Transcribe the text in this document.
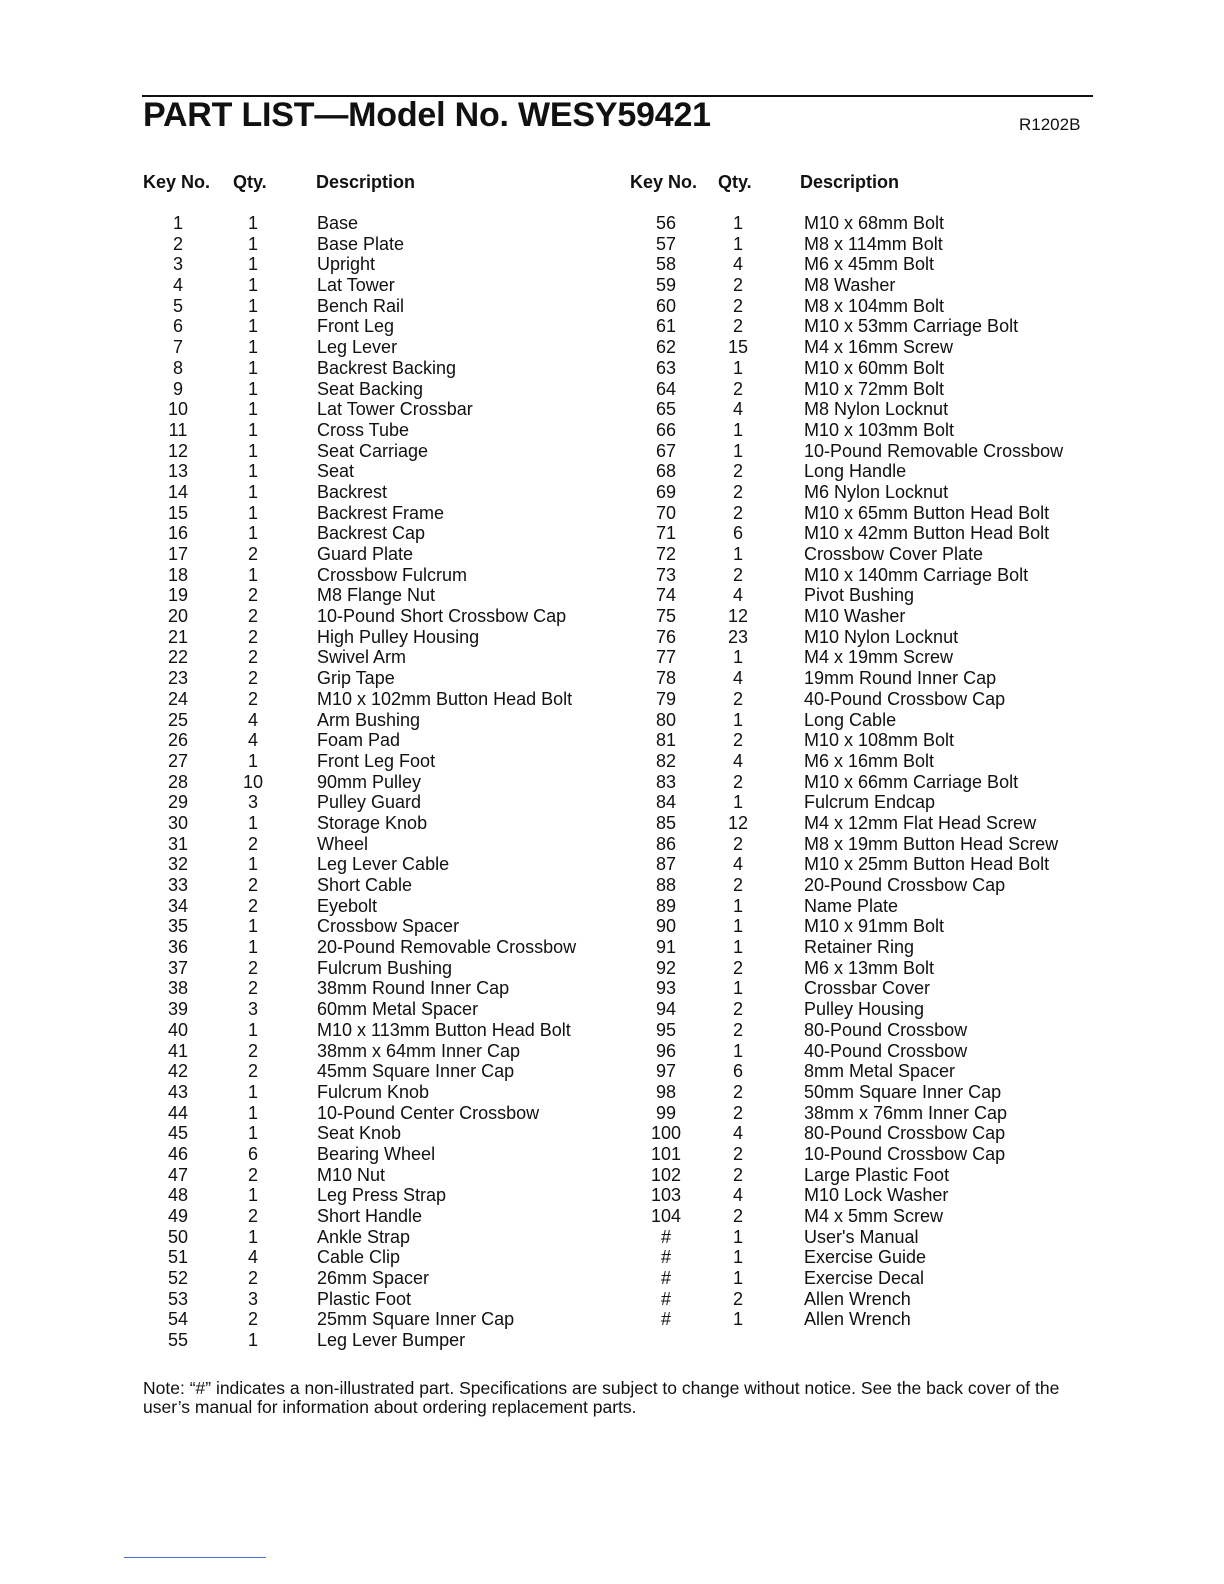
PART LIST—Model No. WESY59421	R1202B
Key No. Qty.	Description	Key No. Qty.	Description
1	1	Base
2	1	Base Plate
3	1	Upright
4	1	Lat Tower
5	1	Bench Rail
6	1	Front Leg
7	1	Leg Lever
8	1	Backrest Backing
9	1	Seat Backing
10	1	Lat Tower Crossbar
11	1	Cross Tube
12	1	Seat Carriage
13	1	Seat
14	1	Backrest
15	1	Backrest Frame
16	1	Backrest Cap
17	2	Guard Plate
18	1	Crossbow Fulcrum
19	2	M8 Flange Nut
20	2	10-Pound Short Crossbow Cap
21	2	High Pulley Housing
22	2	Swivel Arm
23	2	Grip Tape
24	2	M10 x 102mm Button Head Bolt
25	4	Arm Bushing
26	4	Foam Pad
27	1	Front Leg Foot
28	10	90mm Pulley
29	3	Pulley Guard
30	1	Storage Knob
31	2	Wheel
32	1	Leg Lever Cable
33	2	Short Cable
34	2	Eyebolt
35	1	Crossbow Spacer
36	1	20-Pound Removable Crossbow
37	2	Fulcrum Bushing
38	2	38mm Round Inner Cap
39	3	60mm Metal Spacer
40	1	M10 x 113mm Button Head Bolt
41	2	38mm x 64mm Inner Cap
42	2	45mm Square Inner Cap
43	1	Fulcrum Knob
44	1	10-Pound Center Crossbow
45	1	Seat Knob
46	6	Bearing Wheel
47	2	M10 Nut
48	1	Leg Press Strap
49	2	Short Handle
50	1	Ankle Strap
51	4	Cable Clip
52	2	26mm Spacer
53	3	Plastic Foot
54	2	25mm Square Inner Cap
55	1	Leg Lever Bumper
56	1	M10 x 68mm Bolt
57	1	M8 x 114mm Bolt
58	4	M6 x 45mm Bolt
59	2	M8 Washer
60	2	M8 x 104mm Bolt
61	2	M10 x 53mm Carriage Bolt
62	15	M4 x 16mm Screw
63	1	M10 x 60mm Bolt
64	2	M10 x 72mm Bolt
65	4	M8 Nylon Locknut
66	1	M10 x 103mm Bolt
67	1	10-Pound Removable Crossbow
68	2	Long Handle
69	2	M6 Nylon Locknut
70	2	M10 x 65mm Button Head Bolt
71	6	M10 x 42mm Button Head Bolt
72	1	Crossbow Cover Plate
73	2	M10 x 140mm Carriage Bolt
74	4	Pivot Bushing
75	12	M10 Washer
76	23	M10 Nylon Locknut
77	1	M4 x 19mm Screw
78	4	19mm Round Inner Cap
79	2	40-Pound Crossbow Cap
80	1	Long Cable
81	2	M10 x 108mm Bolt
82	4	M6 x 16mm Bolt
83	2	M10 x 66mm Carriage Bolt
84	1	Fulcrum Endcap
85	12	M4 x 12mm Flat Head Screw
86	2	M8 x 19mm Button Head Screw
87	4	M10 x 25mm Button Head Bolt
88	2	20-Pound Crossbow Cap
89	1	Name Plate
90	1	M10 x 91mm Bolt
91	1	Retainer Ring
92	2	M6 x 13mm Bolt
93	1	Crossbar Cover
94	2	Pulley Housing
95	2	80-Pound Crossbow
96	1	40-Pound Crossbow
97	6	8mm Metal Spacer
98	2	50mm Square Inner Cap
99	2	38mm x 76mm Inner Cap
100	4	80-Pound Crossbow Cap
101	2	10-Pound Crossbow Cap
102	2	Large Plastic Foot
103	4	M10 Lock Washer
104	2	M4 x 5mm Screw
#	1	User's Manual
#	1	Exercise Guide
#	1	Exercise Decal
#	2	Allen Wrench
#	1	Allen Wrench
Note: “#” indicates a non-illustrated part. Specifications are subject to change without notice. See the back cover of the user’s manual for information about ordering replacement parts.
